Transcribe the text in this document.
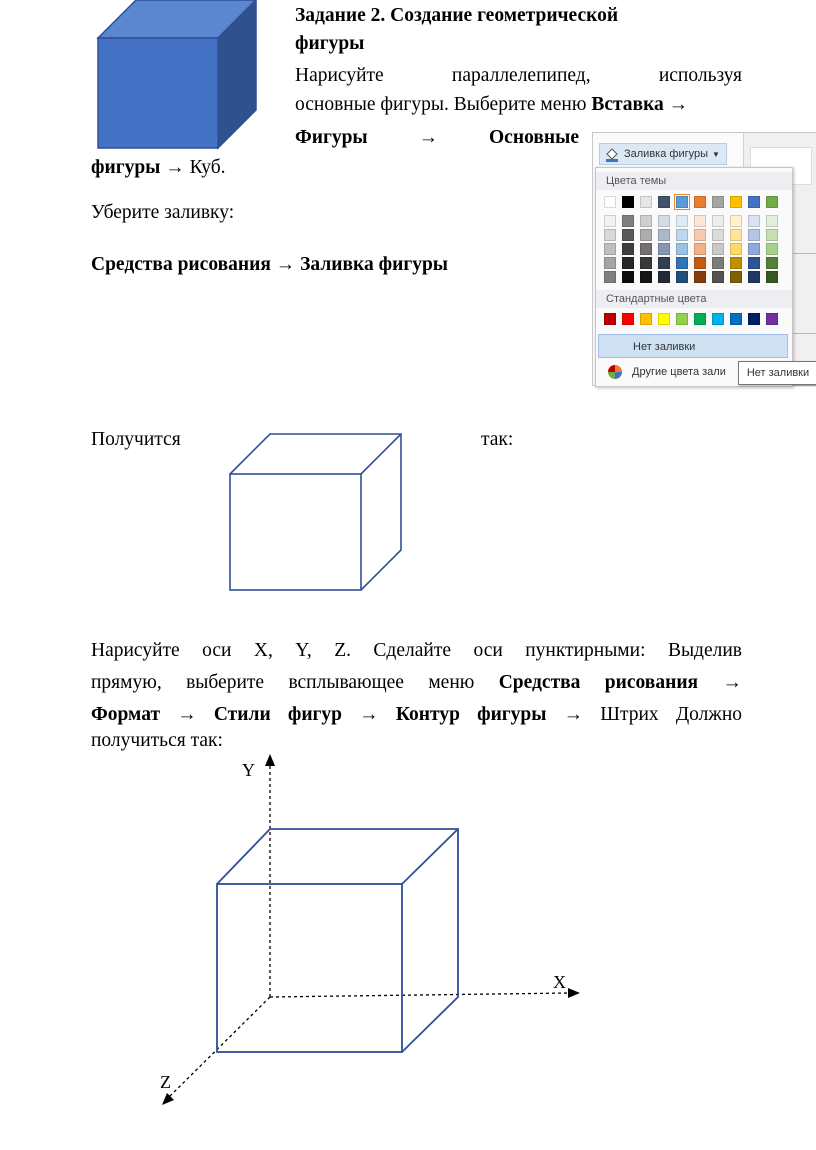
Задание 2. Создание геометрической
фигуры
Нарисуйте	параллелепипед,	используя
основные фигуры. Выберите меню Вставка →
Фигуры	→	Основные
фигуры → Куб.
Уберите заливку:
Средства рисования → Заливка фигуры
Заливка фигуры ▼
Цвета темы
Стандартные цвета
Нет заливки
Другие цвета зали	Нет заливки
Получится	так:
Нарисуйте оси X, Y, Z. Сделайте оси пунктирными: Выделив
прямую, выберите всплывающее меню Средства рисования →
Формат → Стили фигур → Контур фигуры → Штрих Должно
получиться так:
Y
X
Z
